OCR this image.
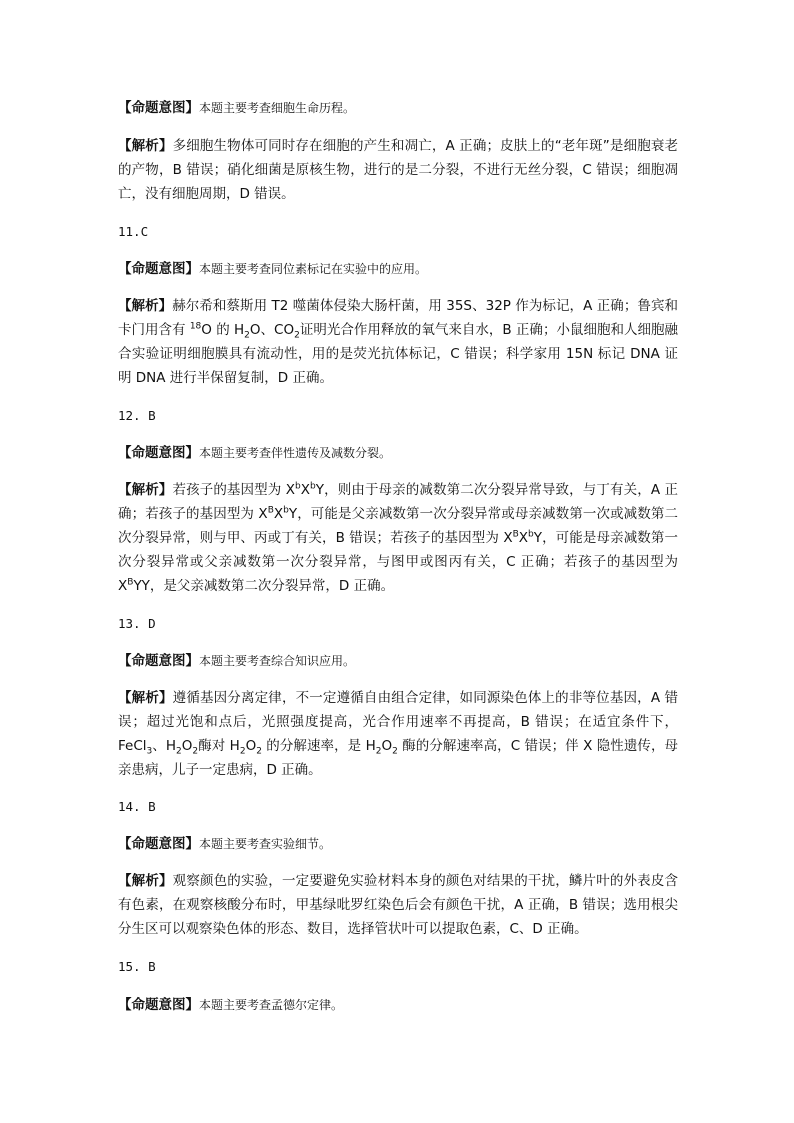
【命题意图】本题主要考查细胞生命历程。

【解析】多细胞生物体可同时存在细胞的产生和凋亡，A 正确；皮肤上的“老年斑”是细胞衰老的产物，B 错误；硝化细菌是原核生物，进行的是二分裂，不进行无丝分裂，C 错误；细胞凋亡，没有细胞周期，D 错误。

11.C

【命题意图】本题主要考查同位素标记在实验中的应用。

【解析】赫尔希和蔡斯用 T2 噬菌体侵染大肠杆菌，用 35S、32P 作为标记，A 正确；鲁宾和卡门用含有 $^{18}$O 的 $H_2O$、$CO_2$证明光合作用释放的氧气来自水，B 正确；小鼠细胞和人细胞融合实验证明细胞膜具有流动性，用的是荧光抗体标记，C 错误；科学家用 15N 标记 DNA 证明 DNA 进行半保留复制，D 正确。

12. B

【命题意图】本题主要考查伴性遗传及减数分裂。

【解析】若孩子的基因型为 $X^bX^bY$，则由于母亲的减数第二次分裂异常导致，与丁有关，A 正确；若孩子的基因型为 $X^BX^bY$，可能是父亲减数第一次分裂异常或母亲减数第一次或减数第二次分裂异常，则与甲、丙或丁有关，B 错误；若孩子的基因型为 $X^BX^bY$，可能是母亲减数第一次分裂异常或父亲减数第一次分裂异常，与图甲或图丙有关，C 正确；若孩子的基因型为 $X^BYY$，是父亲减数第二次分裂异常，D 正确。

13. D

【命题意图】本题主要考查综合知识应用。

【解析】遵循基因分离定律，不一定遵循自由组合定律，如同源染色体上的非等位基因，A 错误；超过光饱和点后，光照强度提高，光合作用速率不再提高，B 错误；在适宜条件下，FeCl$_3$、$H_2O_2$酶对 $H_2O_2$ 的分解速率，是 $H_2O_2$ 酶的分解速率高，C 错误；伴 X 隐性遗传，母亲患病，儿子一定患病，D 正确。

14. B

【命题意图】本题主要考查实验细节。

【解析】观察颜色的实验，一定要避免实验材料本身的颜色对结果的干扰，鳞片叶的外表皮含有色素，在观察核酸分布时，甲基绿吡罗红染色后会有颜色干扰，A 正确，B 错误；选用根尖分生区可以观察染色体的形态、数目，选择管状叶可以提取色素，C、D 正确。

15. B

【命题意图】本题主要考查孟德尔定律。
